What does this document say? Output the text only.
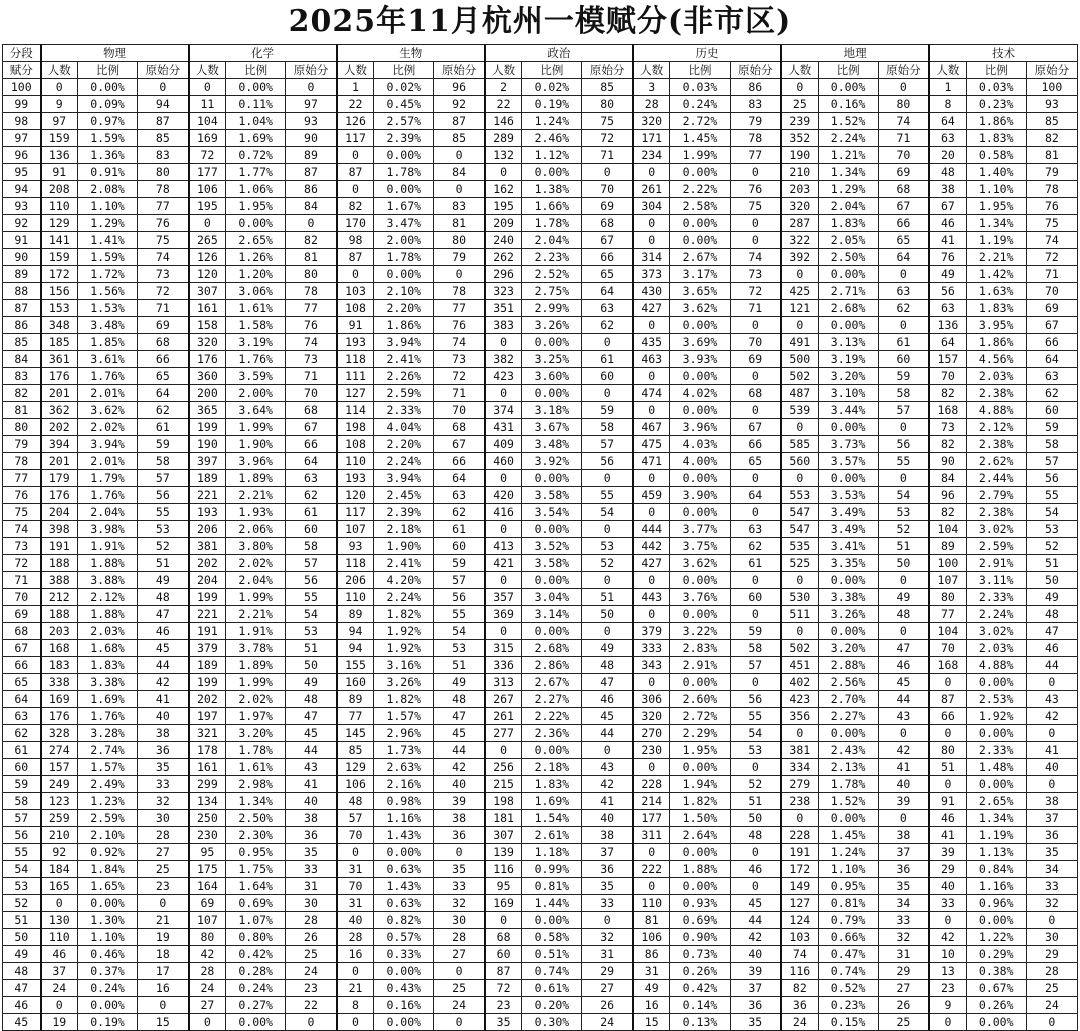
2025年11月杭州一模赋分(非市区)
分段	物理			化学			生物			政治			历史			地理			技术		
赋分	人数	比例	原始分	人数	比例	原始分	人数	比例	原始分	人数	比例	原始分	人数	比例	原始分	人数	比例	原始分	人数	比例	原始分
100	0	0.00%	0	0	0.00%	0	1	0.02%	96	2	0.02%	85	3	0.03%	86	0	0.00%	0	1	0.03%	100
99	9	0.09%	94	11	0.11%	97	22	0.45%	92	22	0.19%	80	28	0.24%	83	25	0.16%	80	8	0.23%	93
98	97	0.97%	87	104	1.04%	93	126	2.57%	87	146	1.24%	75	320	2.72%	79	239	1.52%	74	64	1.86%	85
97	159	1.59%	85	169	1.69%	90	117	2.39%	85	289	2.46%	72	171	1.45%	78	352	2.24%	71	63	1.83%	82
96	136	1.36%	83	72	0.72%	89	0	0.00%	0	132	1.12%	71	234	1.99%	77	190	1.21%	70	20	0.58%	81
95	91	0.91%	80	177	1.77%	87	87	1.78%	84	0	0.00%	0	0	0.00%	0	210	1.34%	69	48	1.40%	79
94	208	2.08%	78	106	1.06%	86	0	0.00%	0	162	1.38%	70	261	2.22%	76	203	1.29%	68	38	1.10%	78
93	110	1.10%	77	195	1.95%	84	82	1.67%	83	195	1.66%	69	304	2.58%	75	320	2.04%	67	67	1.95%	76
92	129	1.29%	76	0	0.00%	0	170	3.47%	81	209	1.78%	68	0	0.00%	0	287	1.83%	66	46	1.34%	75
91	141	1.41%	75	265	2.65%	82	98	2.00%	80	240	2.04%	67	0	0.00%	0	322	2.05%	65	41	1.19%	74
90	159	1.59%	74	126	1.26%	81	87	1.78%	79	262	2.23%	66	314	2.67%	74	392	2.50%	64	76	2.21%	72
89	172	1.72%	73	120	1.20%	80	0	0.00%	0	296	2.52%	65	373	3.17%	73	0	0.00%	0	49	1.42%	71
88	156	1.56%	72	307	3.06%	78	103	2.10%	78	323	2.75%	64	430	3.65%	72	425	2.71%	63	56	1.63%	70
87	153	1.53%	71	161	1.61%	77	108	2.20%	77	351	2.99%	63	427	3.62%	71	121	2.68%	62	63	1.83%	69
86	348	3.48%	69	158	1.58%	76	91	1.86%	76	383	3.26%	62	0	0.00%	0	0	0.00%	0	136	3.95%	67
85	185	1.85%	68	320	3.19%	74	193	3.94%	74	0	0.00%	0	435	3.69%	70	491	3.13%	61	64	1.86%	66
84	361	3.61%	66	176	1.76%	73	118	2.41%	73	382	3.25%	61	463	3.93%	69	500	3.19%	60	157	4.56%	64
83	176	1.76%	65	360	3.59%	71	111	2.26%	72	423	3.60%	60	0	0.00%	0	502	3.20%	59	70	2.03%	63
82	201	2.01%	64	200	2.00%	70	127	2.59%	71	0	0.00%	0	474	4.02%	68	487	3.10%	58	82	2.38%	62
81	362	3.62%	62	365	3.64%	68	114	2.33%	70	374	3.18%	59	0	0.00%	0	539	3.44%	57	168	4.88%	60
80	202	2.02%	61	199	1.99%	67	198	4.04%	68	431	3.67%	58	467	3.96%	67	0	0.00%	0	73	2.12%	59
79	394	3.94%	59	190	1.90%	66	108	2.20%	67	409	3.48%	57	475	4.03%	66	585	3.73%	56	82	2.38%	58
78	201	2.01%	58	397	3.96%	64	110	2.24%	66	460	3.92%	56	471	4.00%	65	560	3.57%	55	90	2.62%	57
77	179	1.79%	57	189	1.89%	63	193	3.94%	64	0	0.00%	0	0	0.00%	0	0	0.00%	0	84	2.44%	56
76	176	1.76%	56	221	2.21%	62	120	2.45%	63	420	3.58%	55	459	3.90%	64	553	3.53%	54	96	2.79%	55
75	204	2.04%	55	193	1.93%	61	117	2.39%	62	416	3.54%	54	0	0.00%	0	547	3.49%	53	82	2.38%	54
74	398	3.98%	53	206	2.06%	60	107	2.18%	61	0	0.00%	0	444	3.77%	63	547	3.49%	52	104	3.02%	53
73	191	1.91%	52	381	3.80%	58	93	1.90%	60	413	3.52%	53	442	3.75%	62	535	3.41%	51	89	2.59%	52
72	188	1.88%	51	202	2.02%	57	118	2.41%	59	421	3.58%	52	427	3.62%	61	525	3.35%	50	100	2.91%	51
71	388	3.88%	49	204	2.04%	56	206	4.20%	57	0	0.00%	0	0	0.00%	0	0	0.00%	0	107	3.11%	50
70	212	2.12%	48	199	1.99%	55	110	2.24%	56	357	3.04%	51	443	3.76%	60	530	3.38%	49	80	2.33%	49
69	188	1.88%	47	221	2.21%	54	89	1.82%	55	369	3.14%	50	0	0.00%	0	511	3.26%	48	77	2.24%	48
68	203	2.03%	46	191	1.91%	53	94	1.92%	54	0	0.00%	0	379	3.22%	59	0	0.00%	0	104	3.02%	47
67	168	1.68%	45	379	3.78%	51	94	1.92%	53	315	2.68%	49	333	2.83%	58	502	3.20%	47	70	2.03%	46
66	183	1.83%	44	189	1.89%	50	155	3.16%	51	336	2.86%	48	343	2.91%	57	451	2.88%	46	168	4.88%	44
65	338	3.38%	42	199	1.99%	49	160	3.26%	49	313	2.67%	47	0	0.00%	0	402	2.56%	45	0	0.00%	0
64	169	1.69%	41	202	2.02%	48	89	1.82%	48	267	2.27%	46	306	2.60%	56	423	2.70%	44	87	2.53%	43
63	176	1.76%	40	197	1.97%	47	77	1.57%	47	261	2.22%	45	320	2.72%	55	356	2.27%	43	66	1.92%	42
62	328	3.28%	38	321	3.20%	45	145	2.96%	45	277	2.36%	44	270	2.29%	54	0	0.00%	0	0	0.00%	0
61	274	2.74%	36	178	1.78%	44	85	1.73%	44	0	0.00%	0	230	1.95%	53	381	2.43%	42	80	2.33%	41
60	157	1.57%	35	161	1.61%	43	129	2.63%	42	256	2.18%	43	0	0.00%	0	334	2.13%	41	51	1.48%	40
59	249	2.49%	33	299	2.98%	41	106	2.16%	40	215	1.83%	42	228	1.94%	52	279	1.78%	40	0	0.00%	0
58	123	1.23%	32	134	1.34%	40	48	0.98%	39	198	1.69%	41	214	1.82%	51	238	1.52%	39	91	2.65%	38
57	259	2.59%	30	250	2.50%	38	57	1.16%	38	181	1.54%	40	177	1.50%	50	0	0.00%	0	46	1.34%	37
56	210	2.10%	28	230	2.30%	36	70	1.43%	36	307	2.61%	38	311	2.64%	48	228	1.45%	38	41	1.19%	36
55	92	0.92%	27	95	0.95%	35	0	0.00%	0	139	1.18%	37	0	0.00%	0	191	1.24%	37	39	1.13%	35
54	184	1.84%	25	175	1.75%	33	31	0.63%	35	116	0.99%	36	222	1.88%	46	172	1.10%	36	29	0.84%	34
53	165	1.65%	23	164	1.64%	31	70	1.43%	33	95	0.81%	35	0	0.00%	0	149	0.95%	35	40	1.16%	33
52	0	0.00%	0	69	0.69%	30	31	0.63%	32	169	1.44%	33	110	0.93%	45	127	0.81%	34	33	0.96%	32
51	130	1.30%	21	107	1.07%	28	40	0.82%	30	0	0.00%	0	81	0.69%	44	124	0.79%	33	0	0.00%	0
50	110	1.10%	19	80	0.80%	26	28	0.57%	28	68	0.58%	32	106	0.90%	42	103	0.66%	32	42	1.22%	30
49	46	0.46%	18	42	0.42%	25	16	0.33%	27	60	0.51%	31	86	0.73%	40	74	0.47%	31	10	0.29%	29
48	37	0.37%	17	28	0.28%	24	0	0.00%	0	87	0.74%	29	31	0.26%	39	116	0.74%	29	13	0.38%	28
47	24	0.24%	16	24	0.24%	23	21	0.43%	25	72	0.61%	27	49	0.42%	37	82	0.52%	27	23	0.67%	25
46	0	0.00%	0	27	0.27%	22	8	0.16%	24	23	0.20%	26	16	0.14%	36	36	0.23%	26	9	0.26%	24
45	19	0.19%	15	0	0.00%	0	0	0.00%	0	35	0.30%	24	15	0.13%	35	24	0.15%	25	0	0.00%	0
